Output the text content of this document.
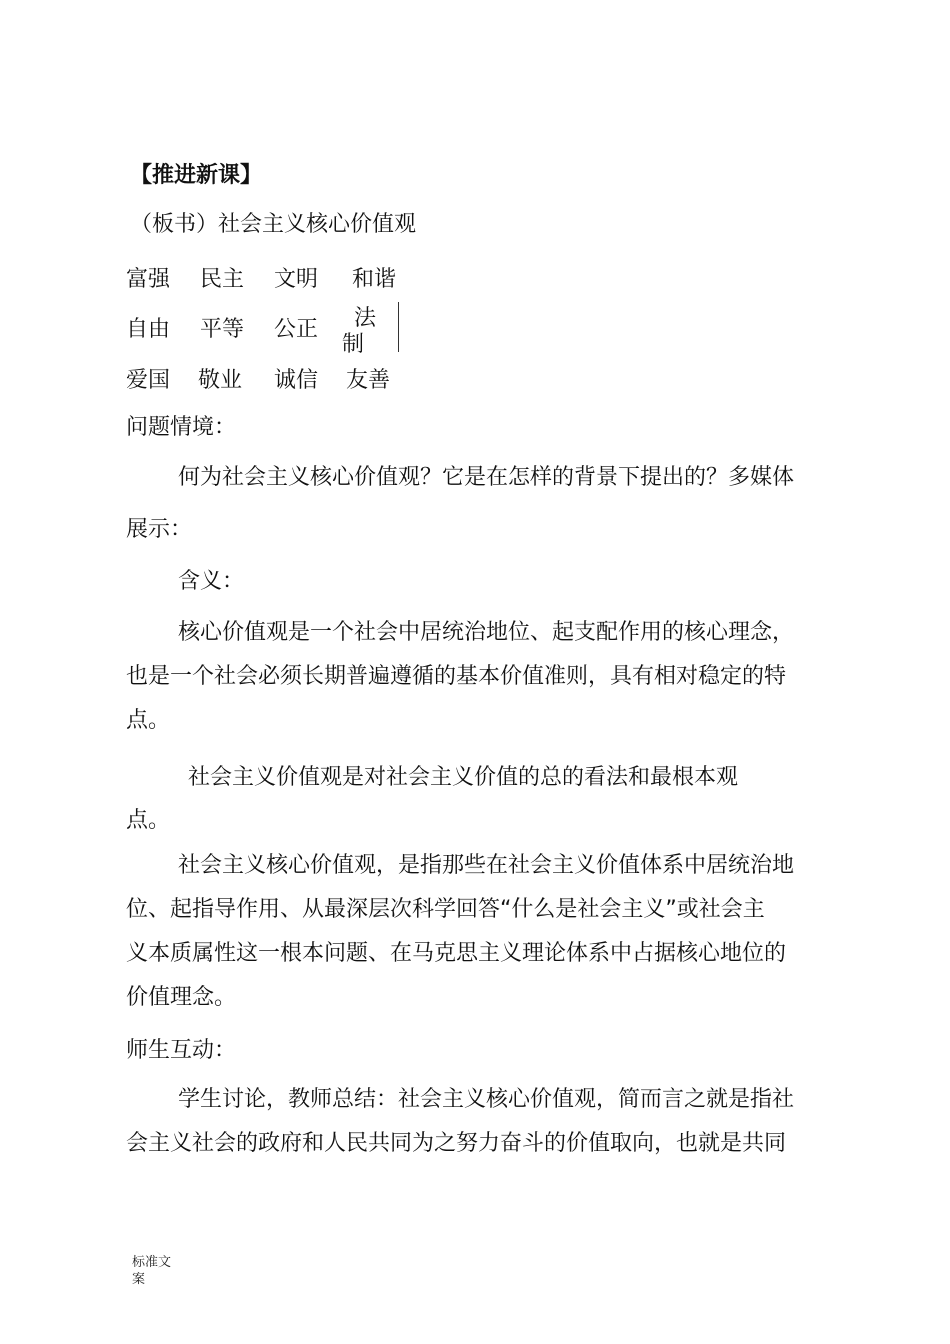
【推进新课】
（板书）社会主义核心价值观
富强 民主 文明 和谐
自由 平等 公正 法
制
爱国 敬业 诚信 友善
问题情境：
何为社会主义核心价值观？它是在怎样的背景下提出的？多媒体
展示：
含义：
核心价值观是一个社会中居统治地位、起支配作用的核心理念，
也是一个社会必须长期普遍遵循的基本价值准则，具有相对稳定的特
点。
社会主义价值观是对社会主义价值的总的看法和最根本观
点。
社会主义核心价值观，是指那些在社会主义价值体系中居统治地
位、起指导作用、从最深层次科学回答“什么是社会主义”或社会主
义本质属性这一根本问题、在马克思主义理论体系中占据核心地位的
价值理念。
师生互动：
学生讨论，教师总结：社会主义核心价值观，简而言之就是指社
会主义社会的政府和人民共同为之努力奋斗的价值取向，也就是共同
标准文案
